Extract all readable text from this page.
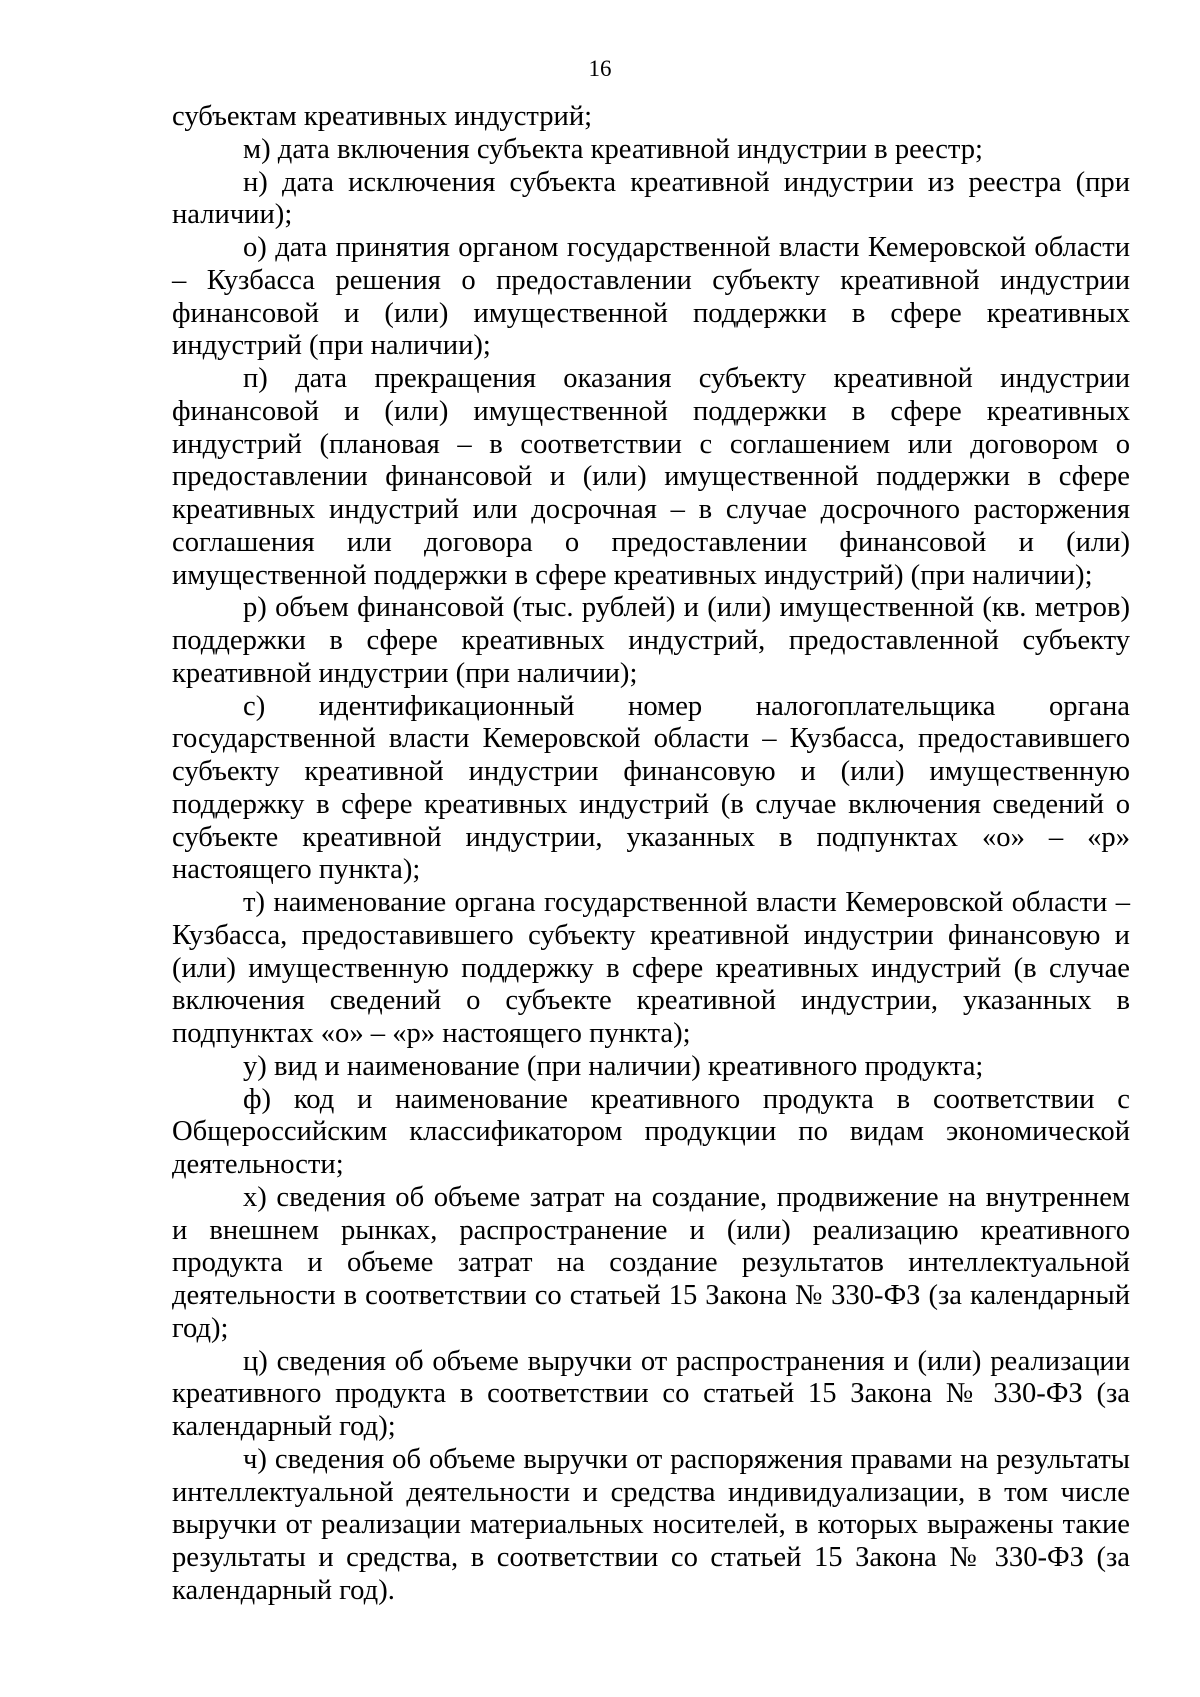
16

субъектам креативных индустрий;

м) дата включения субъекта креативной индустрии в реестр;

н) дата исключения субъекта креативной индустрии из реестра (при наличии);

о) дата принятия органом государственной власти Кемеровской области – Кузбасса решения о предоставлении субъекту креативной индустрии финансовой и (или) имущественной поддержки в сфере креативных индустрий (при наличии);

п) дата прекращения оказания субъекту креативной индустрии финансовой и (или) имущественной поддержки в сфере креативных индустрий (плановая – в соответствии с соглашением или договором о предоставлении финансовой и (или) имущественной поддержки в сфере креативных индустрий или досрочная – в случае досрочного расторжения соглашения или договора о предоставлении финансовой и (или) имущественной поддержки в сфере креативных индустрий) (при наличии);

р) объем финансовой (тыс. рублей) и (или) имущественной (кв. метров) поддержки в сфере креативных индустрий, предоставленной субъекту креативной индустрии (при наличии);

с) идентификационный номер налогоплательщика органа государственной власти Кемеровской области – Кузбасса, предоставившего субъекту креативной индустрии финансовую и (или) имущественную поддержку в сфере креативных индустрий (в случае включения сведений о субъекте креативной индустрии, указанных в подпунктах «о» – «р» настоящего пункта);

т) наименование органа государственной власти Кемеровской области – Кузбасса, предоставившего субъекту креативной индустрии финансовую и (или) имущественную поддержку в сфере креативных индустрий (в случае включения сведений о субъекте креативной индустрии, указанных в подпунктах «о» – «р» настоящего пункта);

у) вид и наименование (при наличии) креативного продукта;

ф) код и наименование креативного продукта в соответствии с Общероссийским классификатором продукции по видам экономической деятельности;

х) сведения об объеме затрат на создание, продвижение на внутреннем и внешнем рынках, распространение и (или) реализацию креативного продукта и объеме затрат на создание результатов интеллектуальной деятельности в соответствии со статьей 15 Закона № 330-ФЗ (за календарный год);

ц) сведения об объеме выручки от распространения и (или) реализации креативного продукта в соответствии со статьей 15 Закона № 330-ФЗ (за календарный год);

ч) сведения об объеме выручки от распоряжения правами на результаты интеллектуальной деятельности и средства индивидуализации, в том числе выручки от реализации материальных носителей, в которых выражены такие результаты и средства, в соответствии со статьей 15 Закона № 330-ФЗ (за календарный год).
